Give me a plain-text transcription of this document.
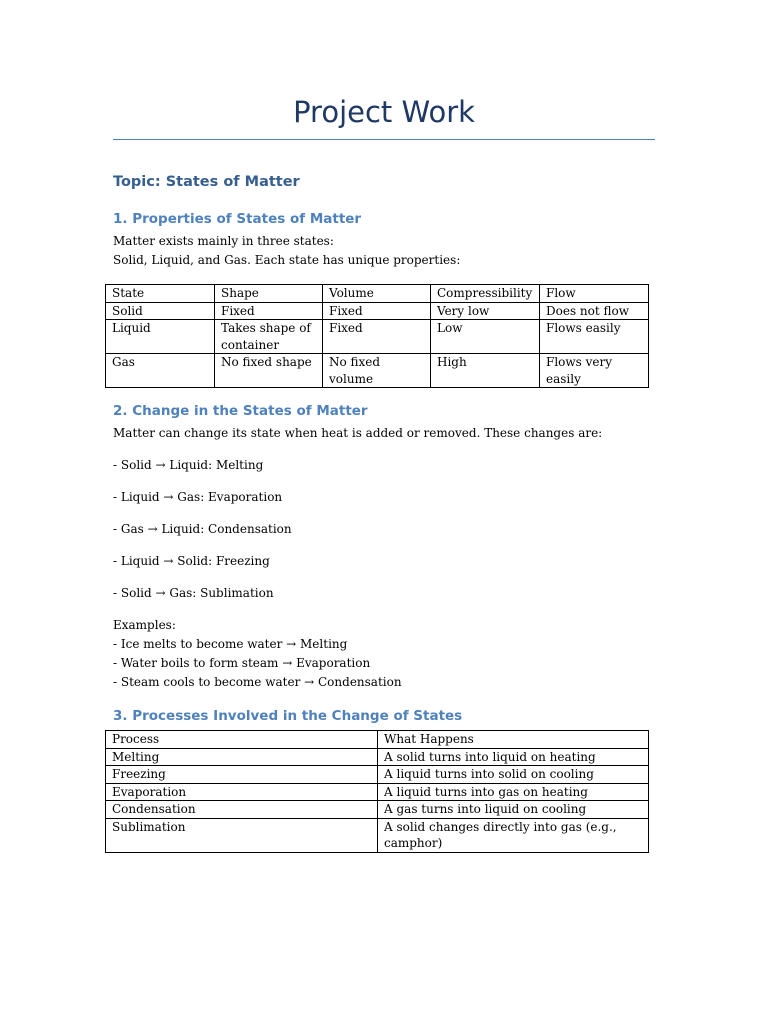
Project Work
Topic: States of Matter
1. Properties of States of Matter

Matter exists mainly in three states:

Solid, Liquid, and Gas. Each state has unique properties:

State	Shape	Volume	Compressibility	Flow
Solid	Fixed	Fixed	Very low	Does not flow
Liquid	Takes shape of container	Fixed	Low	Flows easily
Gas	No fixed shape	No fixed volume	High	Flows very easily
2. Change in the States of Matter

Matter can change its state when heat is added or removed. These changes are:

- Solid → Liquid: Melting

- Liquid → Gas: Evaporation

- Gas → Liquid: Condensation

- Liquid → Solid: Freezing

- Solid → Gas: Sublimation

Examples:

- Ice melts to become water → Melting

- Water boils to form steam → Evaporation

- Steam cools to become water → Condensation

3. Processes Involved in the Change of States
Process	What Happens
Melting	A solid turns into liquid on heating
Freezing	A liquid turns into solid on cooling
Evaporation	A liquid turns into gas on heating
Condensation	A gas turns into liquid on cooling
Sublimation	A solid changes directly into gas (e.g., camphor)
